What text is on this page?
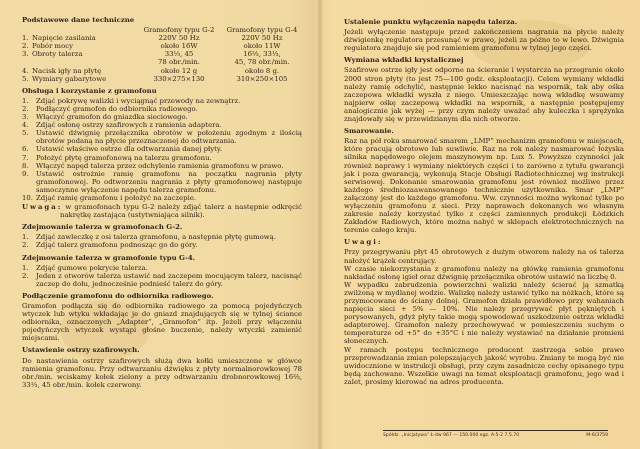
Podstawowe dane techniczne
Gramofony typu G-2	Gramofony typu G-4
1. Napięcie zasilania	220V 50 Hz	220V 50 Hz
2. Pobór mocy	około 16W	około 11W
3. Obroty talerza	33⅓, 45	16⅔, 33⅓,
78 obr./min.	45, 78 obr./min.
4. Nacisk igły na płytę	około 12 g	około 8 g.
5. Wymiary gabarytowe	330×275×130	310×250×105
Obsługa i korzystanie z gramofonu
1. Zdjąć pokrywę walizki i wyciągnąć przewody na zewnątrz.
2. Podłączyć gramofon do odbiornika radiowego.
3. Włączyć gramofon do gniazdka sieciowego.
4. Zdjąć osłonę ostrzy szafirowych z ramienia adaptera.
5. Ustawić dźwignię przełącznika obrotów w położeniu zgodnym z ilością obrotów podaną na płycie przeznaczonej do odtwarzania.
6. Ustawić właściwe ostrze dla odtwarzania danej płyty.
7. Położyć płytę gramofonową na talerzu gramofonu.
8. Włączyć napęd talerza przez odchylenie ramienia gramofonu w prawo.
9. Ustawić ostrożnie ramię gramofonu na początku nagrania płyty gramofonowej. Po odtworzeniu nagrania z płyty gramofonowej następuje samoczynne wyłączenie napędu talerza gramofonu.
10. Zdjąć ramię gramofonu i położyć na zaczepie.
Uwaga: w gramofonach typu G-2 należy zdjąć talerz a następnie odkręcić nakrętkę zastająca (ustytwniająca silnik).
Zdejmowanie talerza w gramofonach G-2.
1. Zdjąć zawleczkę z osi talerza gramofonu, a następnie płytę gumową.
2. Zdjąć talerz gramofonu podnosząc go do góry.
Zdejmowanie talerza w gramofonie typu G-4.
1. Zdjąć gumowe pokrycie talerza.
2. Jeden z otworów talerza ustawić nad zaczepem mocującym talerz, nacisnąć zaczep do dołu, jednocześnie podnieść talerz do góry.
Podłączenie gramofonu do odbiornika radiowego.
Gramofon podłącza się do odbiornika radiowego za pomocą pojedyńczych wtyczek lub wtyku wkładając je do gniazd znajdujących się w tylnej ściance odbiornika, oznaczonych „Adapter”, „Gramofon” itp. Jeżeli przy włączeniu pojedyńczych wtyczek wystąpi głośne buczenie, należy wtyczki zamienić miejscami.
Ustawienie ostrzy szafirowych.
Do nastawienia ostrzy szafirowych służą dwa kołki umieszczone w główce ramienia gramofonu. Przy odtwarzaniu dźwięku z płyty normalnorowkowej 78 obr./min. wciskamy kołek zielony a przy odtwarzaniu drobnorowkowej 16⅔, 33⅓, 45 obr./min. kołek czerwony.
Ustalenie punktu wyłączenia napędu talerza.
Jeżeli wyłączenie następuje przed zakończeniem nagrania na płycie należy dźwigienkę regulatora przesunąć w prawo, jeżeli za późno to w lewo. Dźwignia regulatora znajduje się pod ramieniem gramofonu w tylnej jego części.
Wymiana wkładki krystalicznej
Szafirowe ostrze igły jest odporne na ścieranie i wystarcza na przegranie około 2000 stron płyty (to jest 75—100 godz. eksploatacji). Celem wymiany wkładki należy ramię odchylić, następnie lekko nacisnąć na wspornik, tak aby ośka zaczepowa wkładki wyszła z niego. Umieszczając nową wkładkę wsuwamy najpierw ośkę zaczepową wkładki na wspornik, a następnie postępujemy analogicznie jak wyżej — przy czym należy uważać aby kuleczka i sprężynka znajdowały się w przewidzianym dla nich otworze.
Smarowanie.
Raz na pół roku smarować smarem „LMP” mechanizm gramofonu w miejscach, które pracują obrotowo lub suwliwie. Raz na rok należy nasmarować łożyska silnika napędowego olejem maszynowym np. Lux 5. Powyższe czynności jak również naprawy i wymiany niektórych części i to zarówno z tytułu gwarancji jak i poza gwarancją, wykonują Stacje Obsługi Radiotechnicznej wg instrukcji serwisowej. Dokonanie smarowania gramofonu jest również możliwe przez każdego średniozaawansowanego technicznie użytkownika. Smar „LMP” załączony jest do każdego gramofonu. Ww. czynności można wykonać tylko po wyłączeniu gramofonu z sieci. Przy naprawach dokonanych we własnym zakresie należy korzystać tylko z części zamiennych produkcji Łódzkich Zakładów Radiowych, które można nabyć w sklepach elektrotechnicznych na terenie całego kraju.
Uwagi:
Przy przegrywaniu płyt 45 obrotowych z dużym otworem należy na oś talerza nałożyć krążek centrujący.
W czasie niekorzystania z gramofonu należy na główkę ramienia gramofonu nakładać osłonę igieł oraz dźwignię przełącznika obrotów ustawić na liczbę 0.
W wypadku zabrudzenia powierzchni walizki należy ścierać ją szmatką zwilżoną w mydlanej wodzie. Walizkę należy ustawić tylko na nóżkach, które są przymocowane do ściany dolnej. Gramofon działa prawidłowo przy wahaniach napięcia sieci + 5% — 10%. Nie należy przegrywać płyt pękniętych i porysowanych, gdyż płyty takie mogą spowodować uszkodzenie ostrza wkładki adapterowej. Gramofon należy przechowywać w pomieszczeniu suchym o temperaturze od +5° do +35°C i nie należy wystawiać na działanie promieni słonecznych.
W ramach postępu technicznego producent zastrzega sobie prawo przeprowadzania zmian polepszających jakość wyrobu. Zmiany te mogą być nie uwidocznione w instrukcji obsługi, przy czym zasadnicze cechy opisanego typu będą zachowane. Wszelkie uwagi na temat eksploatacji gramofonu, jego wad i zalet, prosimy kierować na adres producenta.
Spółdz. „Inicjatywa” Ł-dw 967 — 150.000 egz. A-5-2 7.5.70	M-6/3759
